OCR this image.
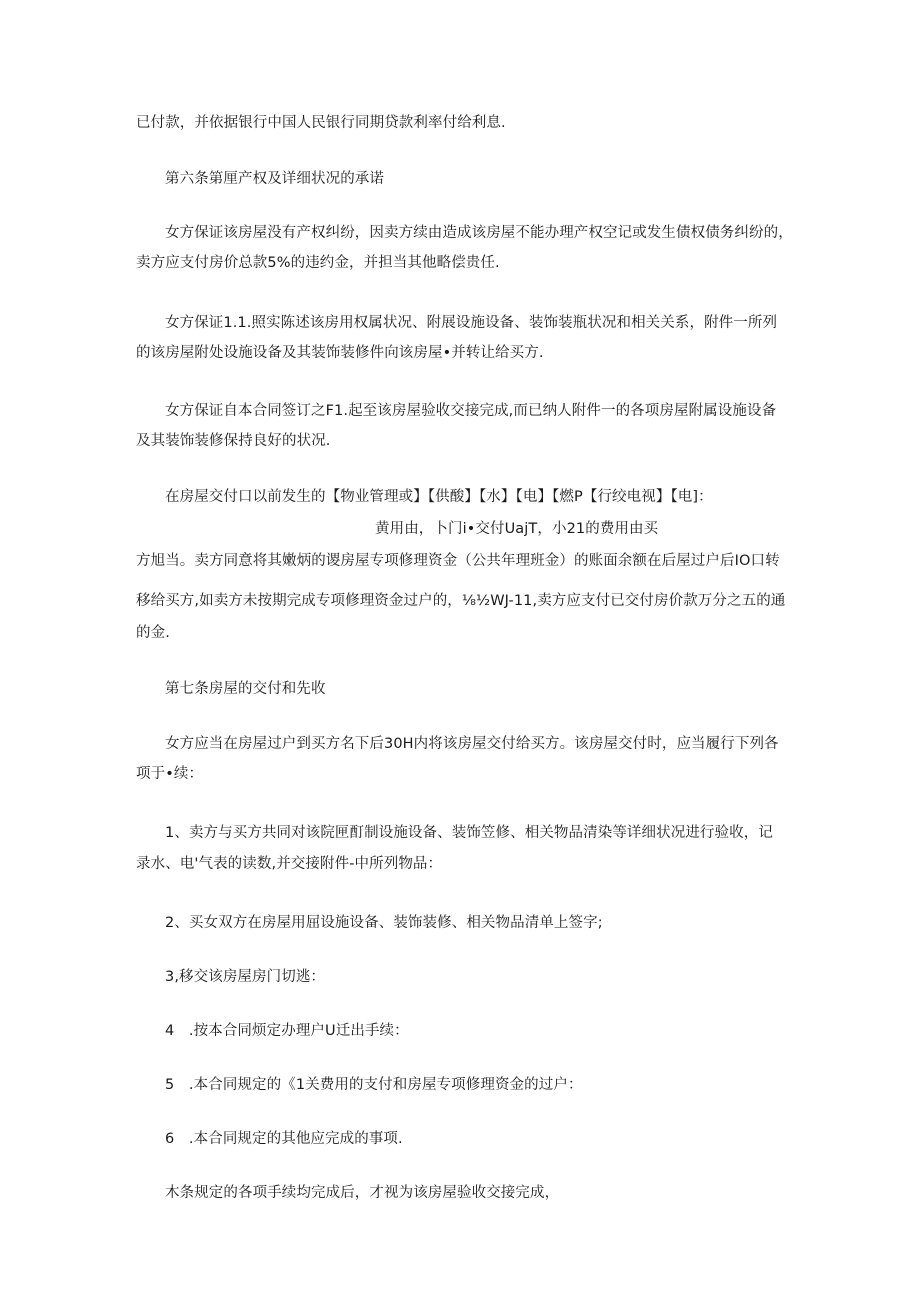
已付款，并依据银行中国人民银行同期贷款利率付给利息.
第六条第厘产权及详细状况的承诺
女方保证该房屋没有产权纠纷，因卖方续由造成该房屋不能办理产权空记或发生债权债务纠纷的，
卖方应支付房价总款5%的违约金，并担当其他略偿贵任.
女方保证1.1.照实陈述该房用权属状况、附展设施设备、装饰装瓶状况和相关关系，附件一所列
的该房屋附处设施设备及其装饰装修件向该房屋•并转让给买方.
女方保证自本合同签订之F1.起至该房屋验收交接完成,而已纳人附件一的各项房屋附属设施设备
及其装饰装修保持良好的状况.
在房屋交付口以前发生的【物业管理或】【供酸】【水】【电】【燃P【行绞电视】【电]：
黄用由，卜门i•交付UajT，小21的费用由买
方旭当。卖方同意将其嫩炳的谡房屋专项修理资金（公共年理班金）的账面余额在后屋过户后IO口转
移给买方,如卖方未按期完成专项修理资金过户的，⅛½WJ-11,卖方应支付已交付房价款万分之五的通
的金.
第七条房屋的交付和先收
女方应当在房屋过户到买方名下后30H内将该房屋交付给买方。该房屋交付时，应当履行下列各
项于•续：
1、卖方与买方共同对该院匣酊制设施设备、装饰笠修、相关物品清染等详细状况进行验收，记
录水、电'气表的读数,并交接附件-中所列物品：
2、买女双方在房屋用屈设施设备、装饰装修、相关物品清单上签字;
3,移交该房屋房门切逃：
4　.按本合同烦定办理户U迁出手续：
5　.本合同规定的《1关费用的支付和房屋专项修理资金的过户：
6　.本合同规定的其他应完成的事项.
木条规定的各项手续均完成后，才视为该房屋验收交接完成，
